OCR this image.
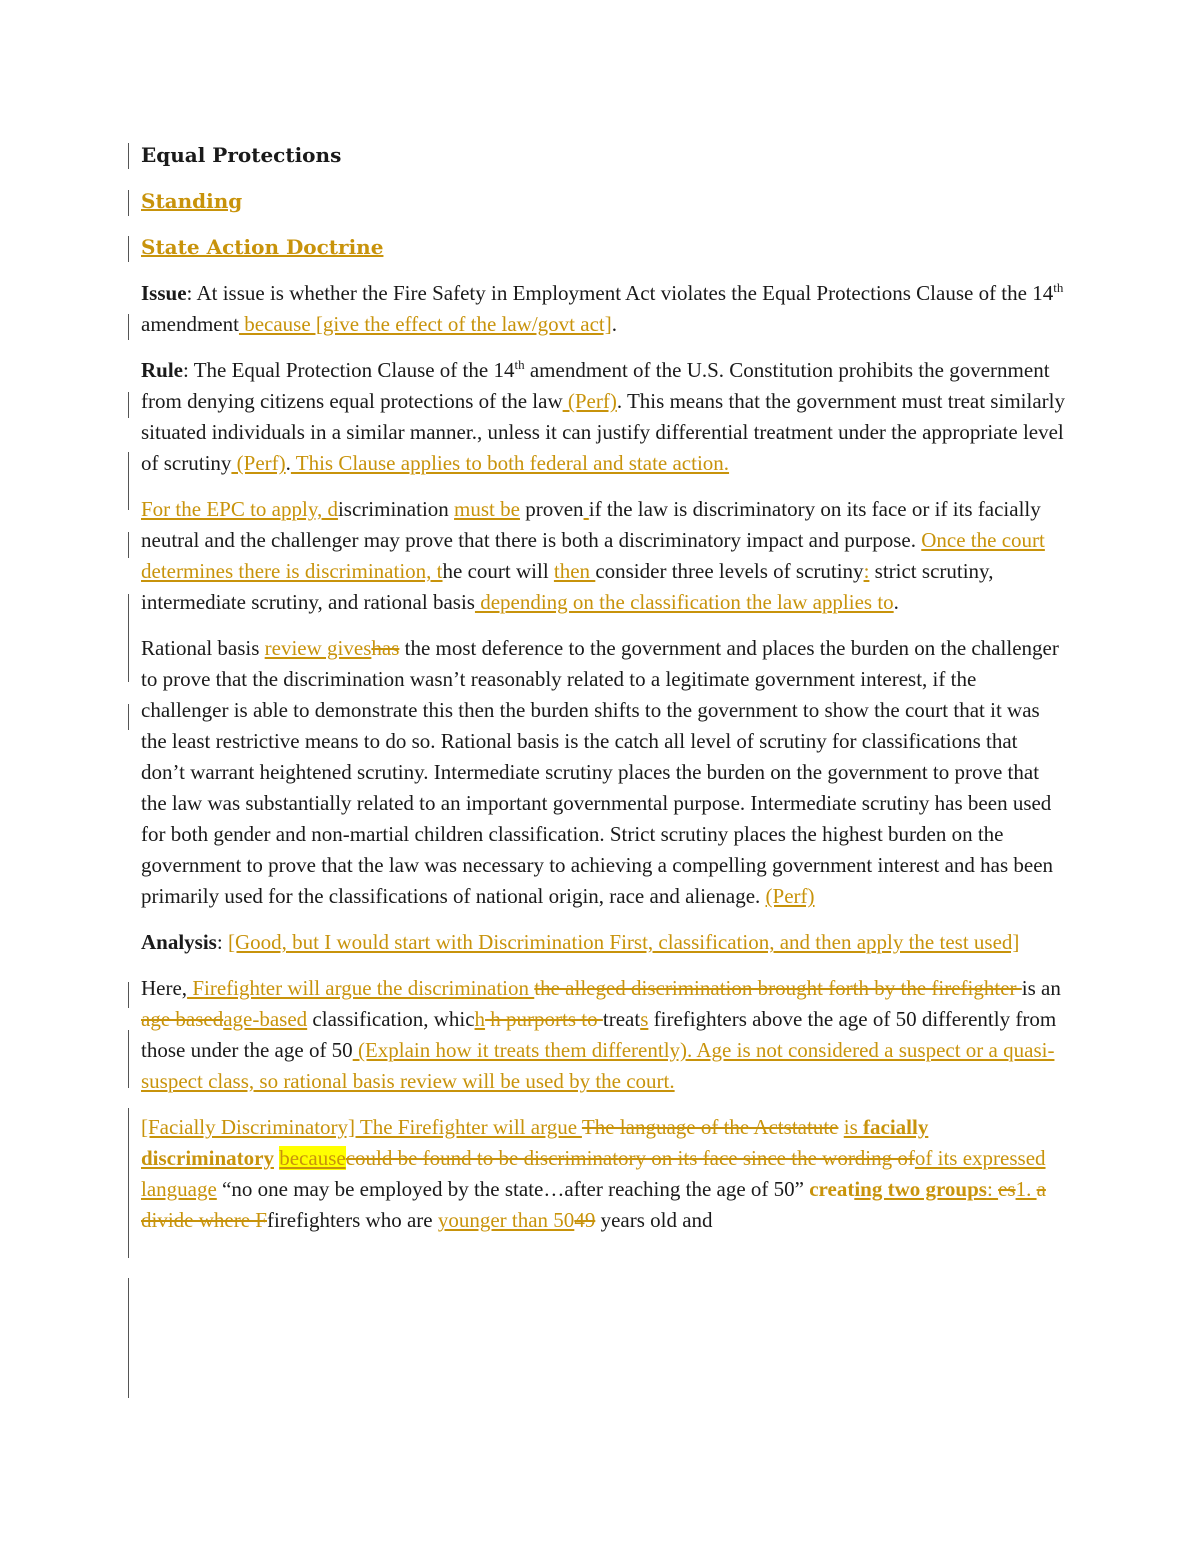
Equal Protections

Standing

State Action Doctrine

Issue: At issue is whether the Fire Safety in Employment Act violates the Equal Protections Clause of the 14th amendment because [give the effect of the law/govt act].

Rule: The Equal Protection Clause of the 14th amendment of the U.S. Constitution prohibits the government from denying citizens equal protections of the law (Perf). This means that the government must treat similarly situated individuals in a similar manner., unless it can justify differential treatment under the appropriate level of scrutiny (Perf). This Clause applies to both federal and state action.

For the EPC to apply, discrimination must be proven if the law is discriminatory on its face or if its facially neutral and the challenger may prove that there is both a discriminatory impact and purpose. Once the court determines there is discrimination, the court will then consider three levels of scrutiny: strict scrutiny, intermediate scrutiny, and rational basis depending on the classification the law applies to.

Rational basis review giveshas the most deference to the government and places the burden on the challenger to prove that the discrimination wasn’t reasonably related to a legitimate government interest, if the challenger is able to demonstrate this then the burden shifts to the government to show the court that it was the least restrictive means to do so. Rational basis is the catch all level of scrutiny for classifications that don’t warrant heightened scrutiny. Intermediate scrutiny places the burden on the government to prove that the law was substantially related to an important governmental purpose. Intermediate scrutiny has been used for both gender and non-martial children classification. Strict scrutiny places the highest burden on the government to prove that the law was necessary to achieving a compelling government interest and has been primarily used for the classifications of national origin, race and alienage. (Perf)

Analysis: [Good, but I would start with Discrimination First, classification, and then apply the test used]

Here, Firefighter will argue the discrimination the alleged discrimination brought forth by the firefighter is an age basedage-based classification, which h purports to treats firefighters above the age of 50 differently from those under the age of 50 (Explain how it treats them differently). Age is not considered a suspect or a quasi-suspect class, so rational basis review will be used by the court.

[Facially Discriminatory] The Firefighter will argue The language of the Actstatute is facially discriminatory becausecould be found to be discriminatory on its face since the wording ofof its expressed language “no one may be employed by the state…after reaching the age of 50” creating two groups: es1. a divide where Ffirefighters who are younger than 5049 years old and
